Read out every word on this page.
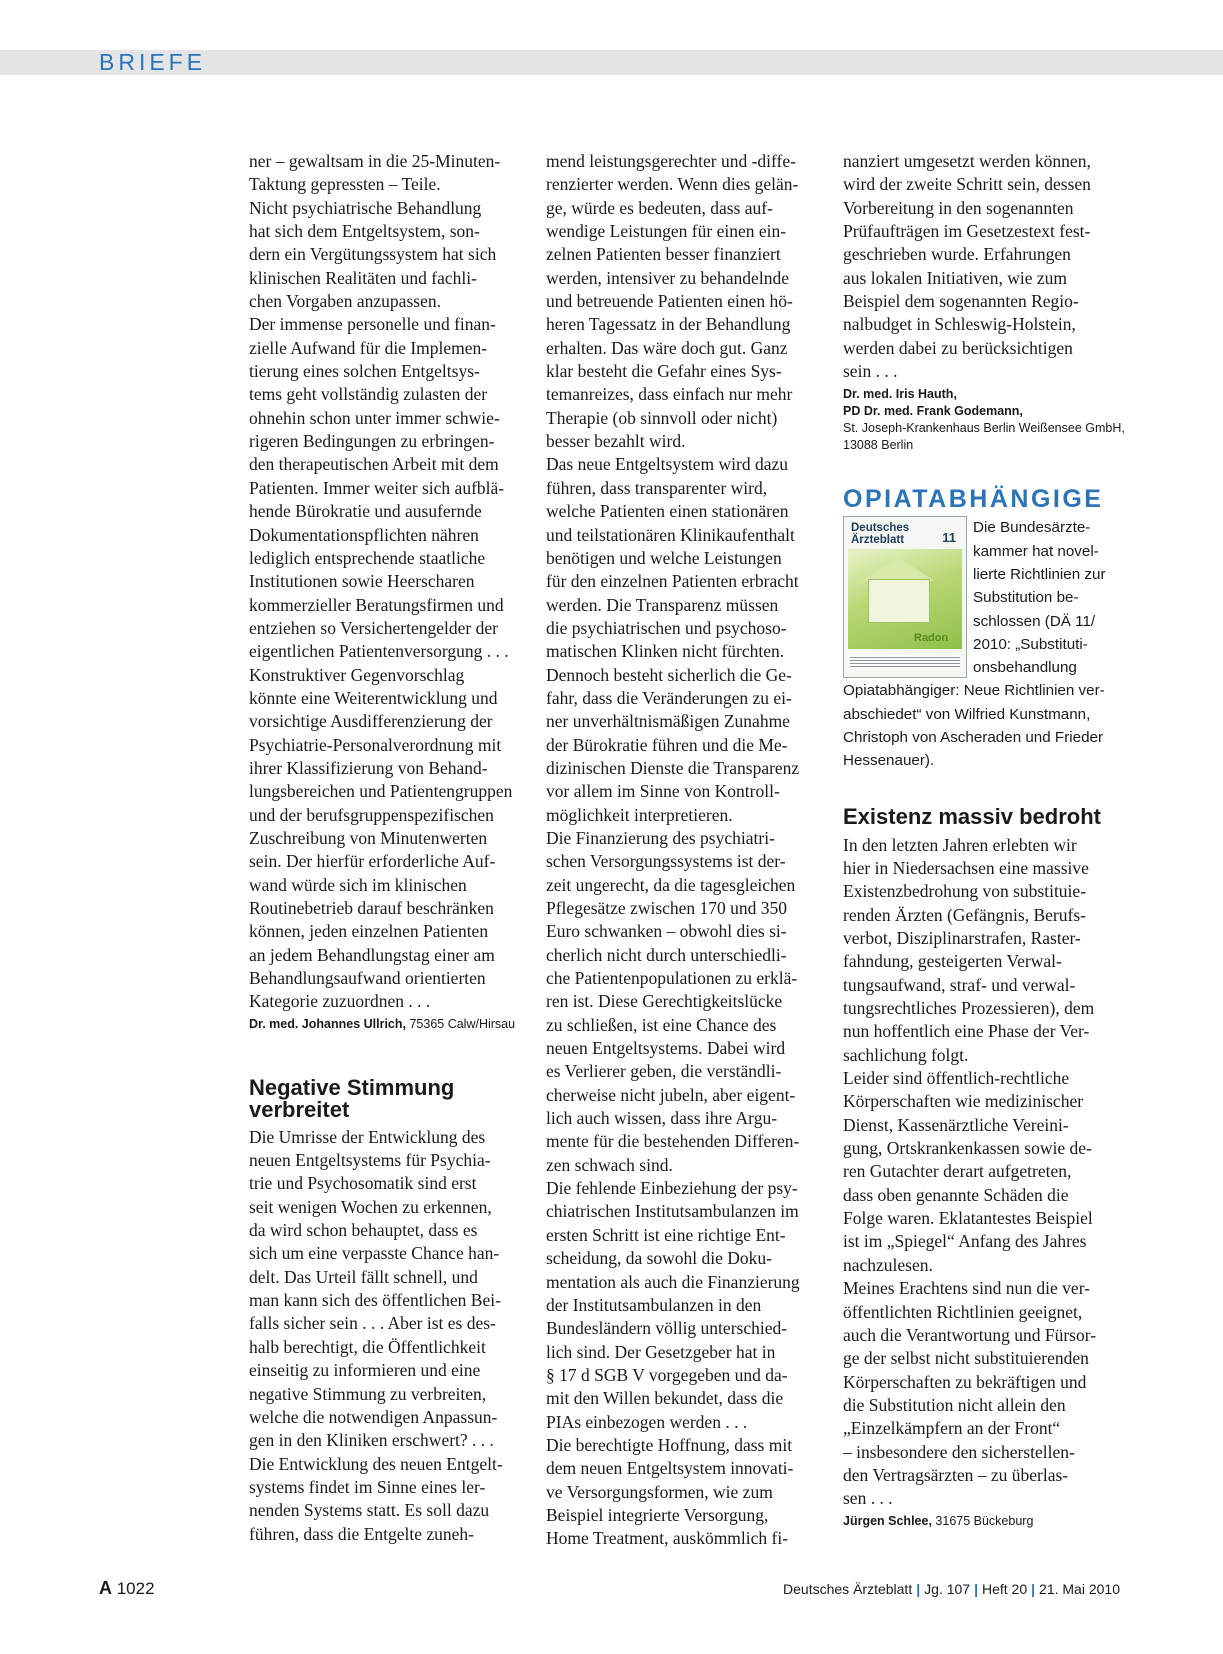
BRIEFE

ner – gewaltsam in die 25-Minuten-

Taktung gepressten – Teile.

Nicht psychiatrische Behandlung

hat sich dem Entgeltsystem, son-

dern ein Vergütungssystem hat sich

klinischen Realitäten und fachli-

chen Vorgaben anzupassen.

Der immense personelle und finan-

zielle Aufwand für die Implemen-

tierung eines solchen Entgeltsys-

tems geht vollständig zulasten der

ohnehin schon unter immer schwie-

rigeren Bedingungen zu erbringen-

den therapeutischen Arbeit mit dem

Patienten. Immer weiter sich aufblä-

hende Bürokratie und ausufernde

Dokumentationspflichten nähren

lediglich entsprechende staatliche

Institutionen sowie Heerscharen

kommerzieller Beratungsfirmen und

entziehen so Versichertengelder der

eigentlichen Patientenversorgung . . .

Konstruktiver Gegenvorschlag

könnte eine Weiterentwicklung und

vorsichtige Ausdifferenzierung der

Psychiatrie-Personalverordnung mit

ihrer Klassifizierung von Behand-

lungsbereichen und Patientengruppen

und der berufsgruppenspezifischen

Zuschreibung von Minutenwerten

sein. Der hierfür erforderliche Auf-

wand würde sich im klinischen

Routinebetrieb darauf beschränken

können, jeden einzelnen Patienten

an jedem Behandlungstag einer am

Behandlungsaufwand orientierten

Kategorie zuzuordnen . . .

Dr. med. Johannes Ullrich, 75365 Calw/Hirsau
Negative Stimmung
verbreitet

Die Umrisse der Entwicklung des

neuen Entgeltsystems für Psychia-

trie und Psychosomatik sind erst

seit wenigen Wochen zu erkennen,

da wird schon behauptet, dass es

sich um eine verpasste Chance han-

delt. Das Urteil fällt schnell, und

man kann sich des öffentlichen Bei-

falls sicher sein . . . Aber ist es des-

halb berechtigt, die Öffentlichkeit

einseitig zu informieren und eine

negative Stimmung zu verbreiten,

welche die notwendigen Anpassun-

gen in den Kliniken erschwert? . . .

Die Entwicklung des neuen Entgelt-

systems findet im Sinne eines ler-

nenden Systems statt. Es soll dazu

führen, dass die Entgelte zuneh-

mend leistungsgerechter und -diffe-

renzierter werden. Wenn dies gelän-

ge, würde es bedeuten, dass auf-

wendige Leistungen für einen ein-

zelnen Patienten besser finanziert

werden, intensiver zu behandelnde

und betreuende Patienten einen hö-

heren Tagessatz in der Behandlung

erhalten. Das wäre doch gut. Ganz

klar besteht die Gefahr eines Sys-

temanreizes, dass einfach nur mehr

Therapie (ob sinnvoll oder nicht)

besser bezahlt wird.

Das neue Entgeltsystem wird dazu

führen, dass transparenter wird,

welche Patienten einen stationären

und teilstationären Klinikaufenthalt

benötigen und welche Leistungen

für den einzelnen Patienten erbracht

werden. Die Transparenz müssen

die psychiatrischen und psychoso-

matischen Klinken nicht fürchten.

Dennoch besteht sicherlich die Ge-

fahr, dass die Veränderungen zu ei-

ner unverhältnismäßigen Zunahme

der Bürokratie führen und die Me-

dizinischen Dienste die Transparenz

vor allem im Sinne von Kontroll-

möglichkeit interpretieren.

Die Finanzierung des psychiatri-

schen Versorgungssystems ist der-

zeit ungerecht, da die tagesgleichen

Pflegesätze zwischen 170 und 350

Euro schwanken – obwohl dies si-

cherlich nicht durch unterschiedli-

che Patientenpopulationen zu erklä-

ren ist. Diese Gerechtigkeitslücke

zu schließen, ist eine Chance des

neuen Entgeltsystems. Dabei wird

es Verlierer geben, die verständli-

cherweise nicht jubeln, aber eigent-

lich auch wissen, dass ihre Argu-

mente für die bestehenden Differen-

zen schwach sind.

Die fehlende Einbeziehung der psy-

chiatrischen Institutsambulanzen im

ersten Schritt ist eine richtige Ent-

scheidung, da sowohl die Doku-

mentation als auch die Finanzierung

der Institutsambulanzen in den

Bundesländern völlig unterschied-

lich sind. Der Gesetzgeber hat in

§ 17 d SGB V vorgegeben und da-

mit den Willen bekundet, dass die

PIAs einbezogen werden . . .

Die berechtigte Hoffnung, dass mit

dem neuen Entgeltsystem innovati-

ve Versorgungsformen, wie zum

Beispiel integrierte Versorgung,

Home Treatment, auskömmlich fi-

nanziert umgesetzt werden können,

wird der zweite Schritt sein, dessen

Vorbereitung in den sogenannten

Prüfaufträgen im Gesetzestext fest-

geschrieben wurde. Erfahrungen

aus lokalen Initiativen, wie zum

Beispiel dem sogenannten Regio-

nalbudget in Schleswig-Holstein,

werden dabei zu berücksichtigen

sein . . .

Dr. med. Iris Hauth,
PD Dr. med. Frank Godemann,
St. Joseph-Krankenhaus Berlin Weißensee GmbH,
13088 Berlin
OPIATABHÄNGIGE
Deutsches
Ärzteblatt	11
Radon

Die Bundesärzte-

kammer hat novel-

lierte Richtlinien zur

Substitution be-

schlossen (DÄ 11/

2010: „Substituti-

onsbehandlung

Opiatabhängiger: Neue Richtlinien ver-

abschiedet“ von Wilfried Kunstmann,

Christoph von Ascheraden und Frieder

Hessenauer).

Existenz massiv bedroht

In den letzten Jahren erlebten wir

hier in Niedersachsen eine massive

Existenzbedrohung von substituie-

renden Ärzten (Gefängnis, Berufs-

verbot, Disziplinarstrafen, Raster-

fahndung, gesteigerten Verwal-

tungsaufwand, straf- und verwal-

tungsrechtliches Prozessieren), dem

nun hoffentlich eine Phase der Ver-

sachlichung folgt.

Leider sind öffentlich-rechtliche

Körperschaften wie medizinischer

Dienst, Kassenärztliche Vereini-

gung, Ortskrankenkassen sowie de-

ren Gutachter derart aufgetreten,

dass oben genannte Schäden die

Folge waren. Eklatantestes Beispiel

ist im „Spiegel“ Anfang des Jahres

nachzulesen.

Meines Erachtens sind nun die ver-

öffentlichten Richtlinien geeignet,

auch die Verantwortung und Fürsor-

ge der selbst nicht substituierenden

Körperschaften zu bekräftigen und

die Substitution nicht allein den

„Einzelkämpfern an der Front“

– insbesondere den sicherstellen-

den Vertragsärzten – zu überlas-

sen . . .

Jürgen Schlee, 31675 Bückeburg
A 1022	Deutsches Ärzteblatt | Jg. 107 | Heft 20 | 21. Mai 2010
